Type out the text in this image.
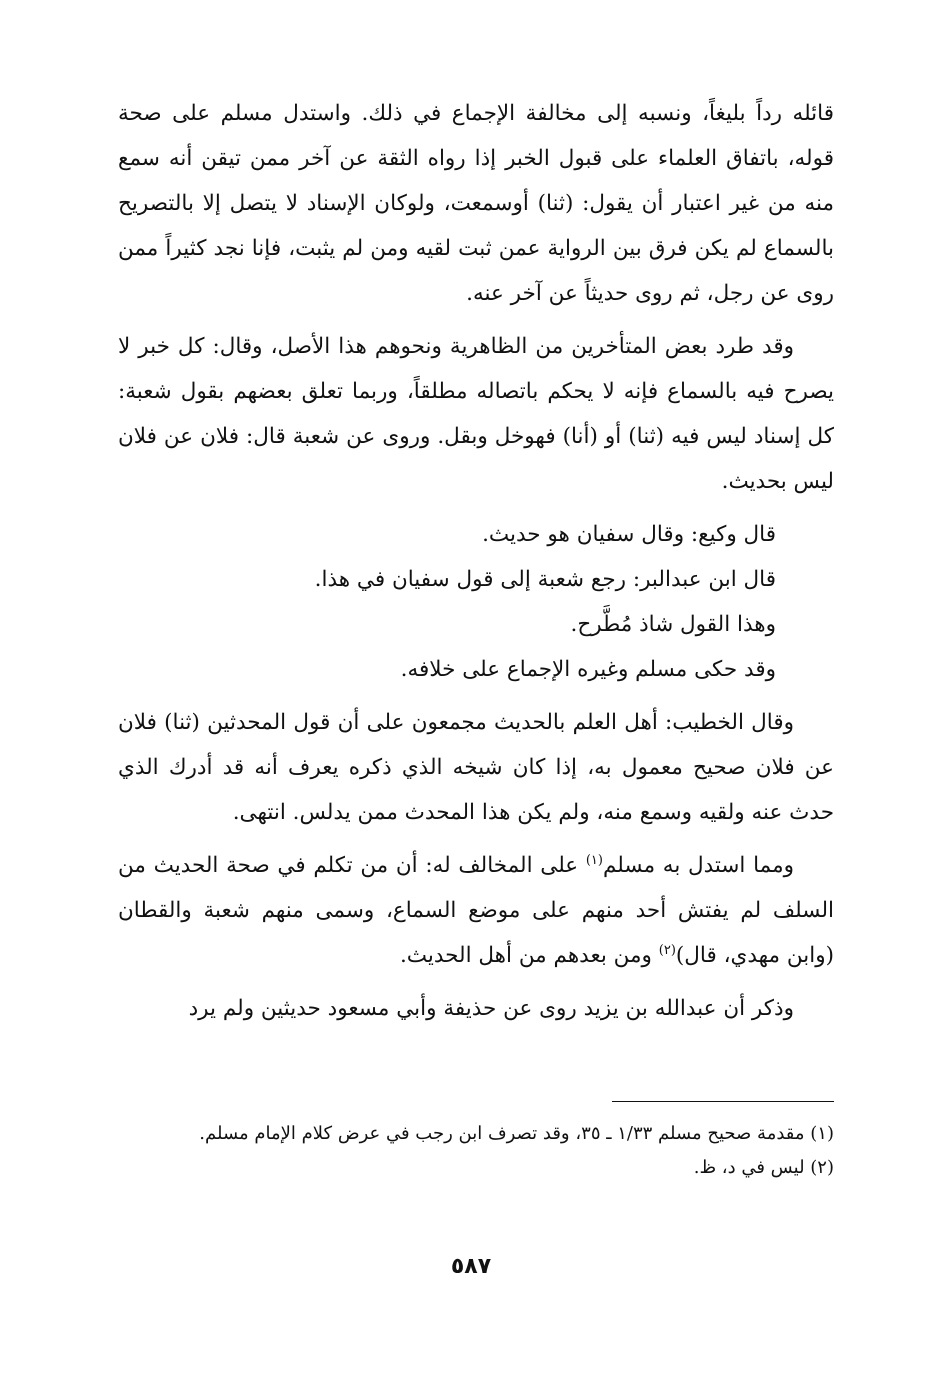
قائله رداً بليغاً، ونسبه إلى مخالفة الإجماع في ذلك. واستدل مسلم على صحة قوله، باتفاق العلماء على قبول الخبر إذا رواه الثقة عن آخر ممن تيقن أنه سمع منه من غير اعتبار أن يقول: (ثنا) أوسمعت، ولوكان الإسناد لا يتصل إلا بالتصريح بالسماع لم يكن فرق بين الرواية عمن ثبت لقيه ومن لم يثبت، فإنا نجد كثيراً ممن روى عن رجل، ثم روى حديثاً عن آخر عنه.

وقد طرد بعض المتأخرين من الظاهرية ونحوهم هذا الأصل، وقال: كل خبر لا يصرح فيه بالسماع فإنه لا يحكم باتصاله مطلقاً، وربما تعلق بعضهم بقول شعبة: كل إسناد ليس فيه (ثنا) أو (أنا) فهوخل وبقل. وروى عن شعبة قال: فلان عن فلان ليس بحديث.

قال وكيع: وقال سفيان هو حديث.

قال ابن عبدالبر: رجع شعبة إلى قول سفيان في هذا.

وهذا القول شاذ مُطَّرح.

وقد حكى مسلم وغيره الإجماع على خلافه.

وقال الخطيب: أهل العلم بالحديث مجمعون على أن قول المحدثين (ثنا) فلان عن فلان صحيح معمول به، إذا كان شيخه الذي ذكره يعرف أنه قد أدرك الذي حدث عنه ولقيه وسمع منه، ولم يكن هذا المحدث ممن يدلس. انتهى.

ومما استدل به مسلم$^{(١)}$ على المخالف له: أن من تكلم في صحة الحديث من السلف لم يفتش أحد منهم على موضع السماع، وسمى منهم شعبة والقطان (وابن مهدي، قال)$^{(٢)}$ ومن بعدهم من أهل الحديث.

وذكر أن عبدالله بن يزيد روى عن حذيفة وأبي مسعود حديثين ولم يرد

(١) مقدمة صحيح مسلم ١/٣٣ ـ ٣٥، وقد تصرف ابن رجب في عرض كلام الإمام مسلم.

(٢) ليس في د، ظ.

٥٨٧
